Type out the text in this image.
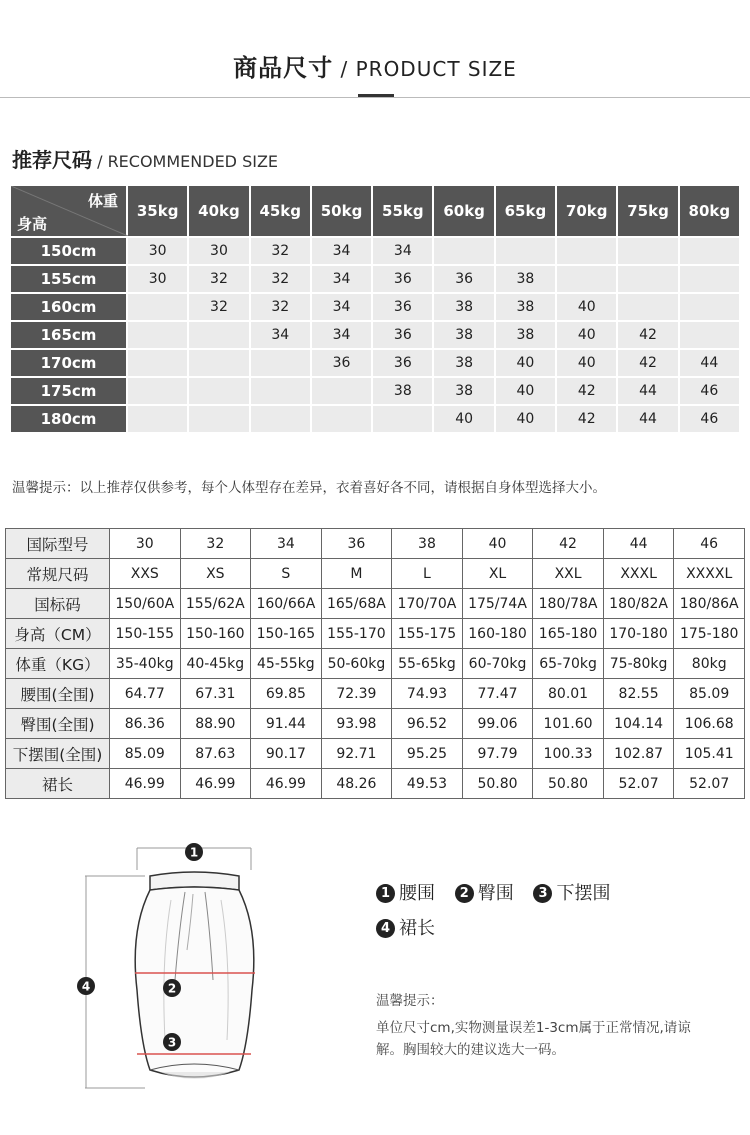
商品尺寸 / PRODUCT SIZE
推荐尺码 / RECOMMENDED SIZE
体重
身高	35kg	40kg	45kg	50kg	55kg	60kg	65kg	70kg	75kg	80kg
150cm	30	30	32	34	34					
155cm	30	32	32	34	36	36	38			
160cm		32	32	34	36	38	38	40		
165cm			34	34	36	38	38	40	42	
170cm				36	36	38	40	40	42	44
175cm					38	38	40	42	44	46
180cm						40	40	42	44	46
温馨提示：以上推荐仅供参考，每个人体型存在差异，衣着喜好各不同，请根据自身体型选择大小。
国际型号	30	32	34	36	38	40	42	44	46
常规尺码	XXS	XS	S	M	L	XL	XXL	XXXL	XXXXL
国标码	150/60A	155/62A	160/66A	165/68A	170/70A	175/74A	180/78A	180/82A	180/86A
身高（CM）	150-155	150-160	150-165	155-170	155-175	160-180	165-180	170-180	175-180
体重（KG）	35-40kg	40-45kg	45-55kg	50-60kg	55-65kg	60-70kg	65-70kg	75-80kg	80kg
腰围(全围)	64.77	67.31	69.85	72.39	74.93	77.47	80.01	82.55	85.09
臀围(全围)	86.36	88.90	91.44	93.98	96.52	99.06	101.60	104.14	106.68
下摆围(全围)	85.09	87.63	90.17	92.71	95.25	97.79	100.33	102.87	105.41
裙长	46.99	46.99	46.99	48.26	49.53	50.80	50.80	52.07	52.07
1
2
3
4
1 腰围 2 臀围 3 下摆围
4 裙长
温馨提示：
单位尺寸cm,实物测量误差1-3cm属于正常情况,请谅解。胸围较大的建议选大一码。
